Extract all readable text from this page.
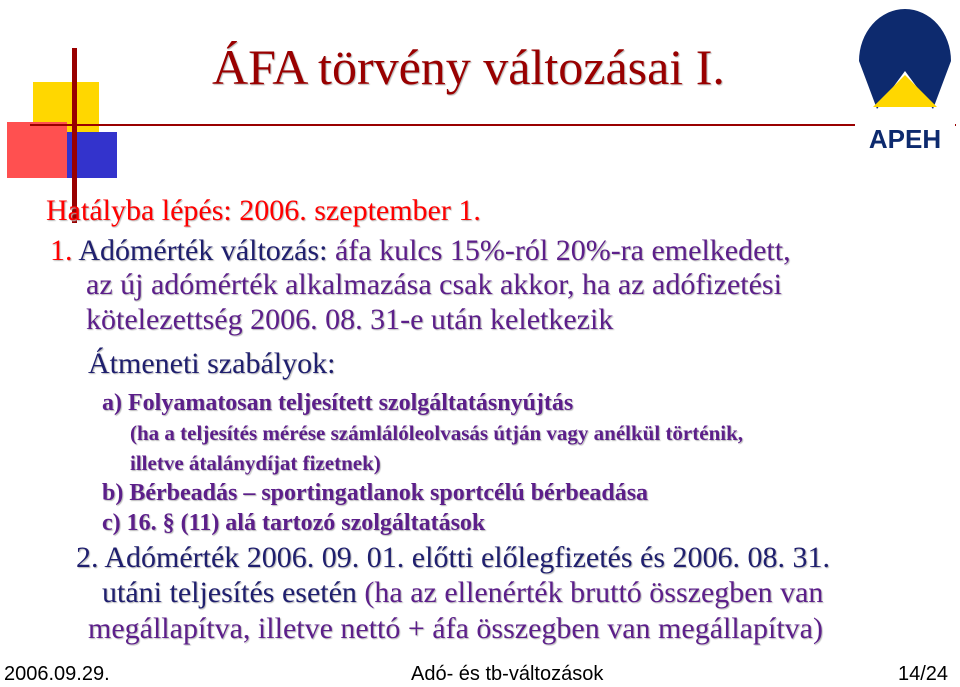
APEH
ÁFA törvény változásai I.
Hatályba lépés: 2006. szeptember 1.
1. Adómérték változás: áfa kulcs 15%-ról 20%-ra emelkedett,
az új adómérték alkalmazása csak akkor, ha az adófizetési
kötelezettség 2006. 08. 31-e után keletkezik
Átmeneti szabályok:
a) Folyamatosan teljesített szolgáltatásnyújtás
(ha a teljesítés mérése számlálóleolvasás útján vagy anélkül történik,
illetve átalánydíjat fizetnek)
b) Bérbeadás – sportingatlanok sportcélú bérbeadása
c) 16. § (11) alá tartozó szolgáltatások
2. Adómérték 2006. 09. 01. előtti előlegfizetés és 2006. 08. 31.
utáni teljesítés esetén (ha az ellenérték bruttó összegben van
megállapítva, illetve nettó + áfa összegben van megállapítva)
2006.09.29.	Adó- és tb-változások	14/24
